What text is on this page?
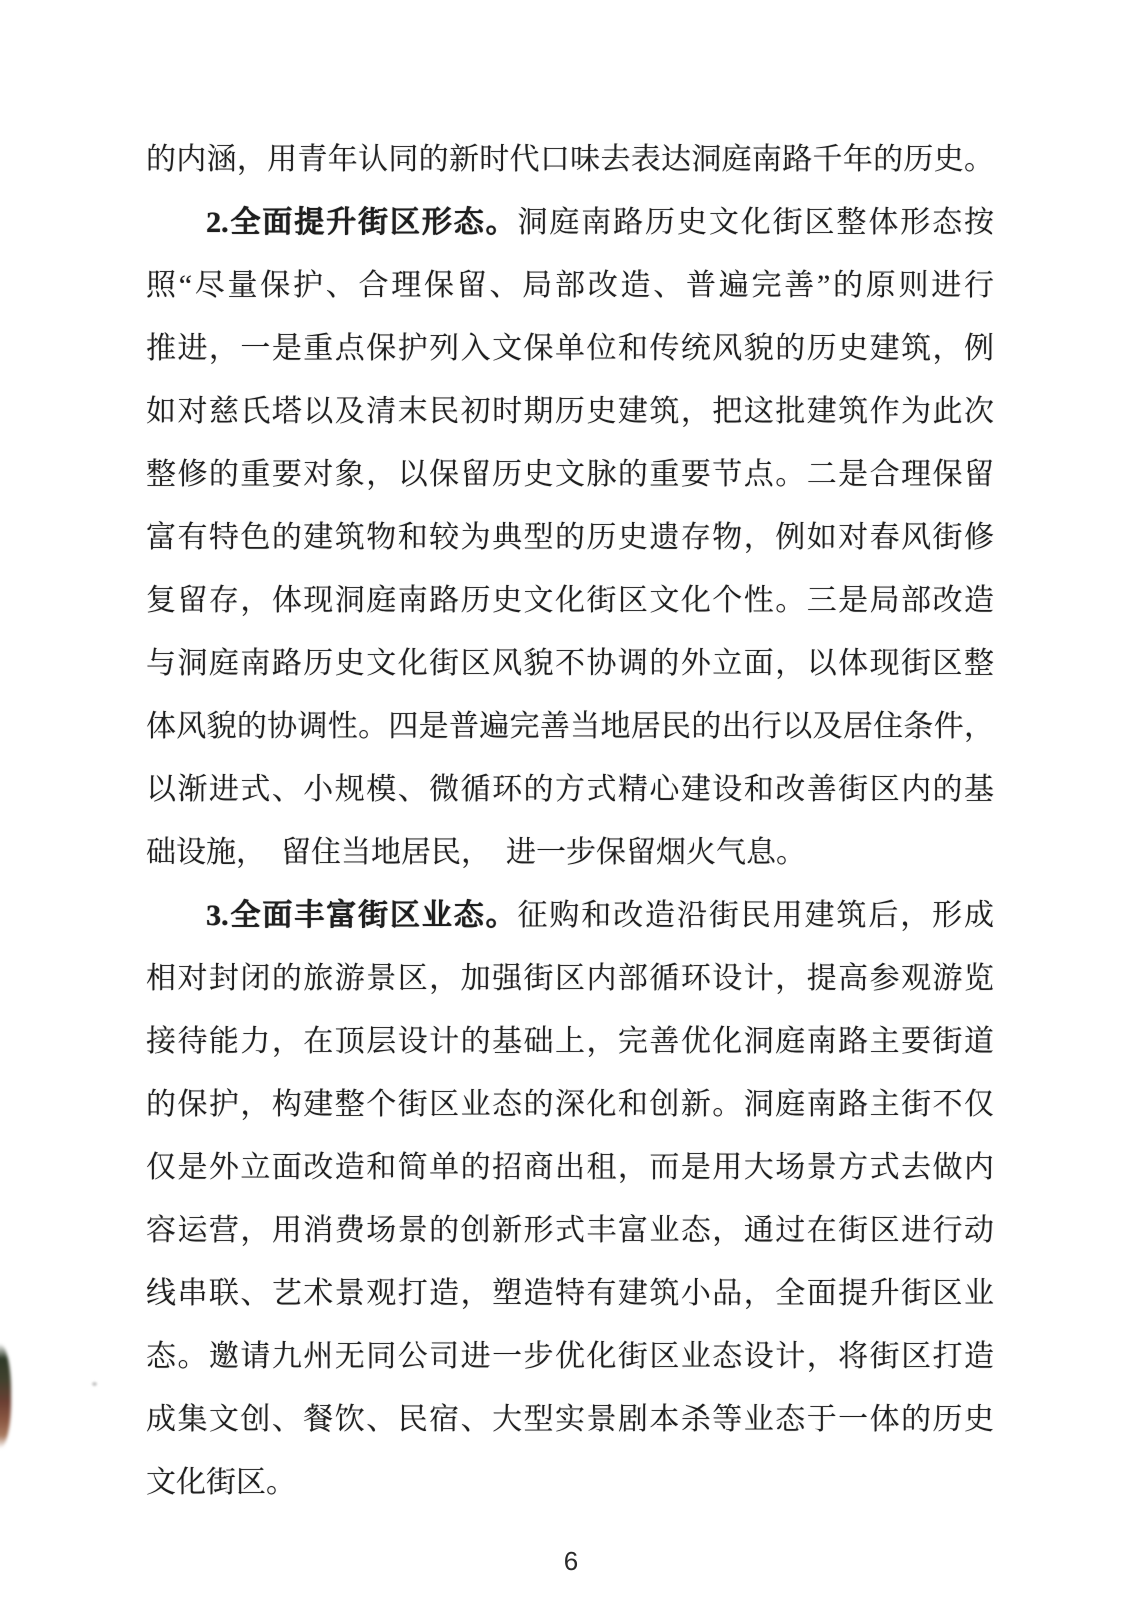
的内涵，用青年认同的新时代口味去表达洞庭南路千年的历史。
2.全面提升街区形态。洞庭南路历史文化街区整体形态按
照“尽量保护、合理保留、局部改造、普遍完善”的原则进行
推进，一是重点保护列入文保单位和传统风貌的历史建筑，例
如对慈氏塔以及清末民初时期历史建筑，把这批建筑作为此次
整修的重要对象，以保留历史文脉的重要节点。二是合理保留
富有特色的建筑物和较为典型的历史遗存物，例如对春风街修
复留存，体现洞庭南路历史文化街区文化个性。三是局部改造
与洞庭南路历史文化街区风貌不协调的外立面，以体现街区整
体风貌的协调性。四是普遍完善当地居民的出行以及居住条件，
以渐进式、小规模、微循环的方式精心建设和改善街区内的基
础设施，　留住当地居民，　进一步保留烟火气息。
3.全面丰富街区业态。征购和改造沿街民用建筑后，形成
相对封闭的旅游景区，加强街区内部循环设计，提高参观游览
接待能力，在顶层设计的基础上，完善优化洞庭南路主要街道
的保护，构建整个街区业态的深化和创新。洞庭南路主街不仅
仅是外立面改造和简单的招商出租，而是用大场景方式去做内
容运营，用消费场景的创新形式丰富业态，通过在街区进行动
线串联、艺术景观打造，塑造特有建筑小品，全面提升街区业
态。邀请九州无同公司进一步优化街区业态设计，将街区打造
成集文创、餐饮、民宿、大型实景剧本杀等业态于一体的历史
文化街区。
6
